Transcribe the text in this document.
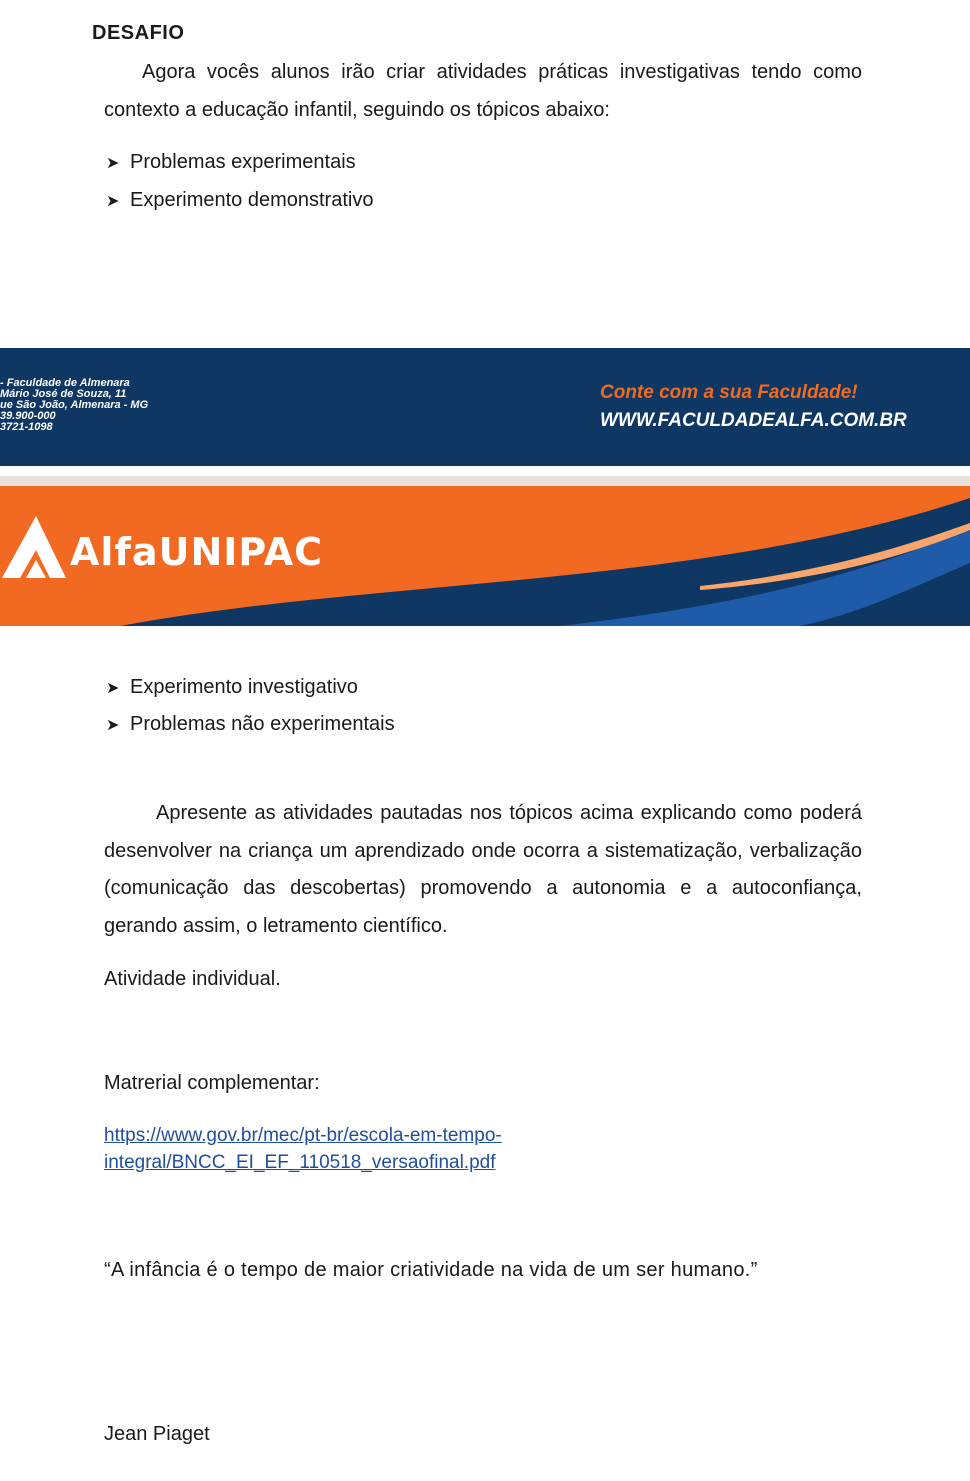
DESAFIO
Agora vocês alunos irão criar atividades práticas investigativas tendo como contexto a educação infantil, seguindo os tópicos abaixo:
➤ Problemas experimentais
➤ Experimento demonstrativo
- Faculdade de Almenara
Mário José de Souza, 11
ue São João, Almenara - MG
39.900-000
3721-1098
Conte com a sua Faculdade!
WWW.FACULDADEALFA.COM.BR
AlfaUNIPAC
➤ Experimento investigativo
➤ Problemas não experimentais
Apresente as atividades pautadas nos tópicos acima explicando como poderá desenvolver na criança um aprendizado onde ocorra a sistematização, verbalização (comunicação das descobertas) promovendo a autonomia e a autoconfiança, gerando assim, o letramento científico.
Atividade individual.
Matrerial complementar:
https://www.gov.br/mec/pt-br/escola-em-tempo-
integral/BNCC_EI_EF_110518_versaofinal.pdf
“A infância é o tempo de maior criatividade na vida de um ser humano.”
Jean Piaget
